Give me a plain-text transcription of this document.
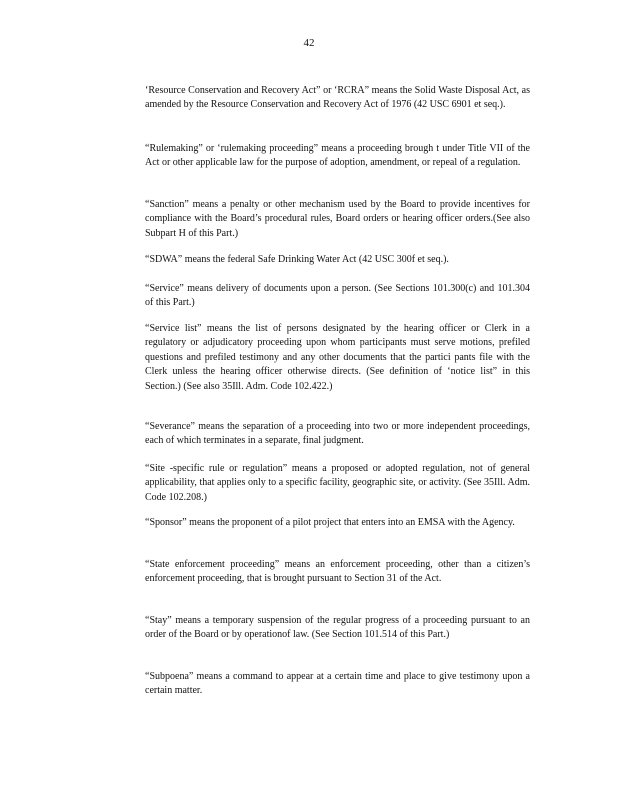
42

‘Resource Conservation and Recovery Act” or ‘RCRA” means the Solid Waste Disposal Act, as amended by the Resource Conservation and Recovery Act of 1976 (42 USC 6901 et seq.).

“Rulemaking” or ‘rulemaking proceeding” means a proceeding brough t under Title VII of the Act or other applicable law for the purpose of adoption, amendment, or repeal of a regulation.

“Sanction” means a penalty or other mechanism used by the Board to provide incentives for compliance with the Board’s procedural rules, Board orders or hearing officer orders.(See also Subpart H of this Part.)

“SDWA” means the federal Safe Drinking Water Act (42 USC 300f et seq.).

“Service” means delivery of documents upon a person. (See Sections 101.300(c) and 101.304 of this Part.)

“Service list” means the list of persons designated by the hearing officer or Clerk in a regulatory or adjudicatory proceeding upon whom participants must serve motions, prefiled questions and prefiled testimony and any other documents that the partici pants file with the Clerk unless the hearing officer otherwise directs. (See definition of ‘notice list” in this Section.) (See also 35Ill. Adm. Code 102.422.)

“Severance” means the separation of a proceeding into two or more independent proceedings, each of which terminates in a separate, final judgment.

“Site -specific rule or regulation” means a proposed or adopted regulation, not of general applicability, that applies only to a specific facility, geographic site, or activity. (See 35Ill. Adm. Code 102.208.)

“Sponsor” means the proponent of a pilot project that enters into an EMSA with the Agency.

“State enforcement proceeding” means an enforcement proceeding, other than a citizen’s enforcement proceeding, that is brought pursuant to Section 31 of the Act.

“Stay” means a temporary suspension of the regular progress of a proceeding pursuant to an order of the Board or by operationof law. (See Section 101.514 of this Part.)

“Subpoena” means a command to appear at a certain time and place to give testimony upon a certain matter.
